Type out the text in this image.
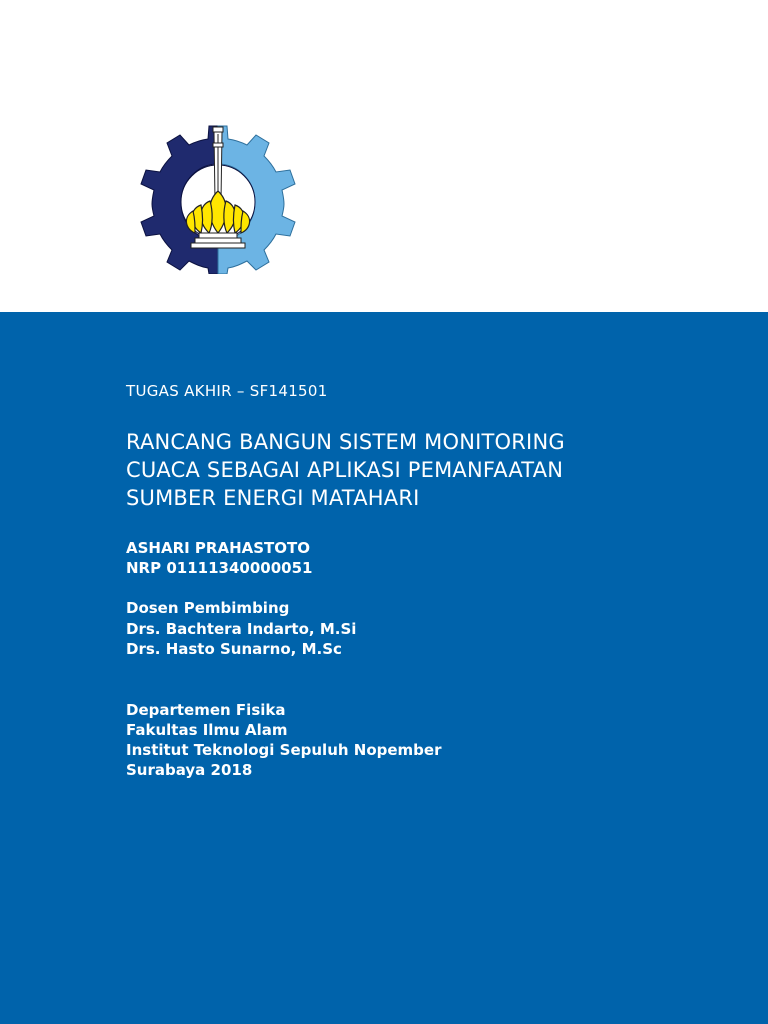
TUGAS AKHIR – SF141501

RANCANG BANGUN SISTEM MONITORING
CUACA SEBAGAI APLIKASI PEMANFAATAN
SUMBER ENERGI MATAHARI
ASHARI PRAHASTOTO
NRP 01111340000051
Dosen Pembimbing
Drs. Bachtera Indarto, M.Si
Drs. Hasto Sunarno, M.Sc
Departemen Fisika
Fakultas Ilmu Alam
Institut Teknologi Sepuluh Nopember
Surabaya 2018
